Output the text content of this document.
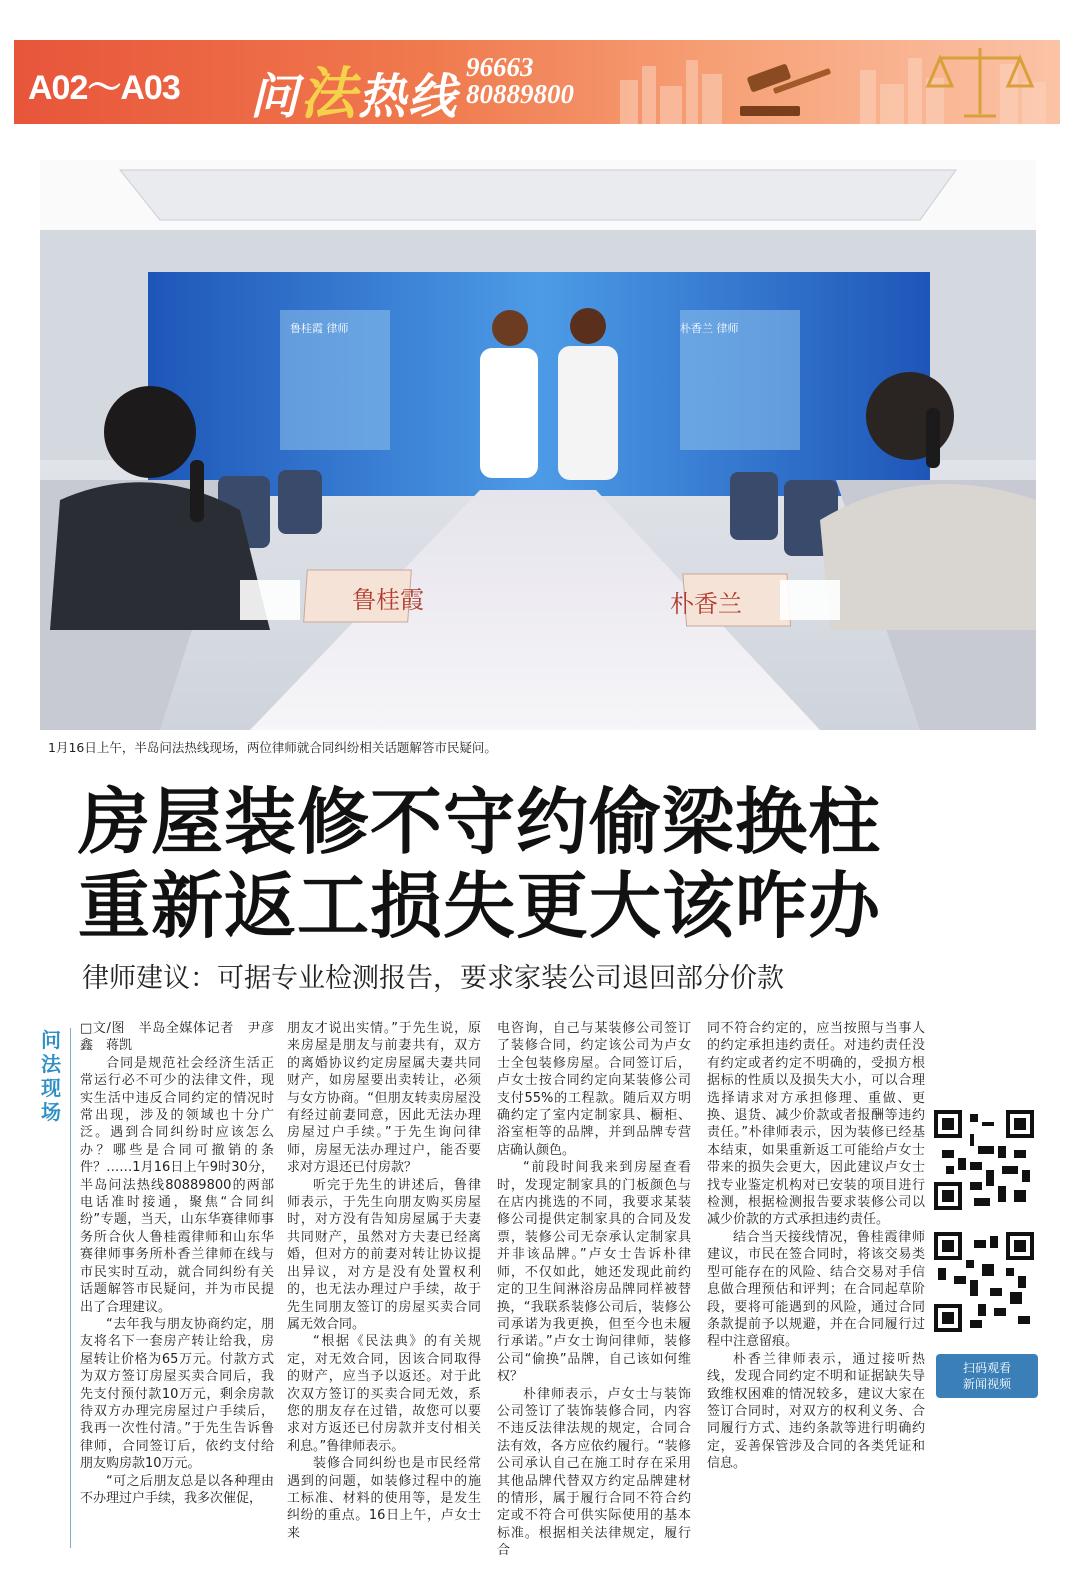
A02～A03 问法热线
96663
80889800
鲁桂霞	朴香兰
鲁桂霞 律师	朴香兰 律师
1月16日上午，半岛问法热线现场，两位律师就合同纠纷相关话题解答市民疑问。
房屋装修不守约偷梁换柱
重新返工损失更大该咋办
律师建议：可据专业检测报告，要求家装公司退回部分价款
问法现场

□文/图　半岛全媒体记者　尹彦鑫　蒋凯

合同是规范社会经济生活正常运行必不可少的法律文件，现实生活中违反合同约定的情况时常出现，涉及的领域也十分广泛。遇到合同纠纷时应该怎么办？哪些是合同可撤销的条件？……1月16日上午9时30分，半岛问法热线80889800的两部电话准时接通，聚焦“合同纠纷”专题，当天，山东华赛律师事务所合伙人鲁桂霞律师和山东华赛律师事务所朴香兰律师在线与市民实时互动，就合同纠纷有关话题解答市民疑问，并为市民提出了合理建议。

“去年我与朋友协商约定，朋友将名下一套房产转让给我，房屋转让价格为65万元。付款方式为双方签订房屋买卖合同后，我先支付预付款10万元，剩余房款待双方办理完房屋过户手续后，我再一次性付清。”于先生告诉鲁律师，合同签订后，依约支付给朋友购房款10万元。

“可之后朋友总是以各种理由不办理过户手续，我多次催促，

朋友才说出实情。”于先生说，原来房屋是朋友与前妻共有，双方的离婚协议约定房屋属夫妻共同财产，如房屋要出卖转让，必须与女方协商。“但朋友转卖房屋没有经过前妻同意，因此无法办理房屋过户手续。”于先生询问律师，房屋无法办理过户，能否要求对方退还已付房款？

听完于先生的讲述后，鲁律师表示，于先生向朋友购买房屋时，对方没有告知房屋属于夫妻共同财产，虽然对方夫妻已经离婚，但对方的前妻对转让协议提出异议，对方是没有处置权利的，也无法办理过户手续，故于先生同朋友签订的房屋买卖合同属无效合同。

“根据《民法典》的有关规定，对无效合同，因该合同取得的财产，应当予以返还。对于此次双方签订的买卖合同无效，系您的朋友存在过错，故您可以要求对方返还已付房款并支付相关利息。”鲁律师表示。

装修合同纠纷也是市民经常遇到的问题，如装修过程中的施工标准、材料的使用等，是发生纠纷的重点。16日上午，卢女士来

电咨询，自己与某装修公司签订了装修合同，约定该公司为卢女士全包装修房屋。合同签订后，卢女士按合同约定向某装修公司支付55%的工程款。随后双方明确约定了室内定制家具、橱柜、浴室柜等的品牌，并到品牌专营店确认颜色。

“前段时间我来到房屋查看时，发现定制家具的门板颜色与在店内挑选的不同，我要求某装修公司提供定制家具的合同及发票，装修公司无奈承认定制家具并非该品牌。”卢女士告诉朴律师，不仅如此，她还发现此前约定的卫生间淋浴房品牌同样被替换，“我联系装修公司后，装修公司承诺为我更换，但至今也未履行承诺。”卢女士询问律师，装修公司“偷换”品牌，自己该如何维权？

朴律师表示，卢女士与装饰公司签订了装饰装修合同，内容不违反法律法规的规定，合同合法有效，各方应依约履行。“装修公司承认自己在施工时存在采用其他品牌代替双方约定品牌建材的情形，属于履行合同不符合约定或不符合可供实际使用的基本标准。根据相关法律规定，履行合

同不符合约定的，应当按照与当事人的约定承担违约责任。对违约责任没有约定或者约定不明确的，受损方根据标的性质以及损失大小，可以合理选择请求对方承担修理、重做、更换、退货、减少价款或者报酬等违约责任。”朴律师表示，因为装修已经基本结束，如果重新返工可能给卢女士带来的损失会更大，因此建议卢女士找专业鉴定机构对已安装的项目进行检测，根据检测报告要求装修公司以减少价款的方式承担违约责任。

结合当天接线情况，鲁桂霞律师建议，市民在签合同时，将该交易类型可能存在的风险、结合交易对手信息做合理预估和评判；在合同起草阶段，要将可能遇到的风险，通过合同条款提前予以规避，并在合同履行过程中注意留痕。

朴香兰律师表示，通过接听热线，发现合同约定不明和证据缺失导致维权困难的情况较多，建议大家在签订合同时，对双方的权利义务、合同履行方式、违约条款等进行明确约定，妥善保管涉及合同的各类凭证和信息。

扫码观看
新闻视频
